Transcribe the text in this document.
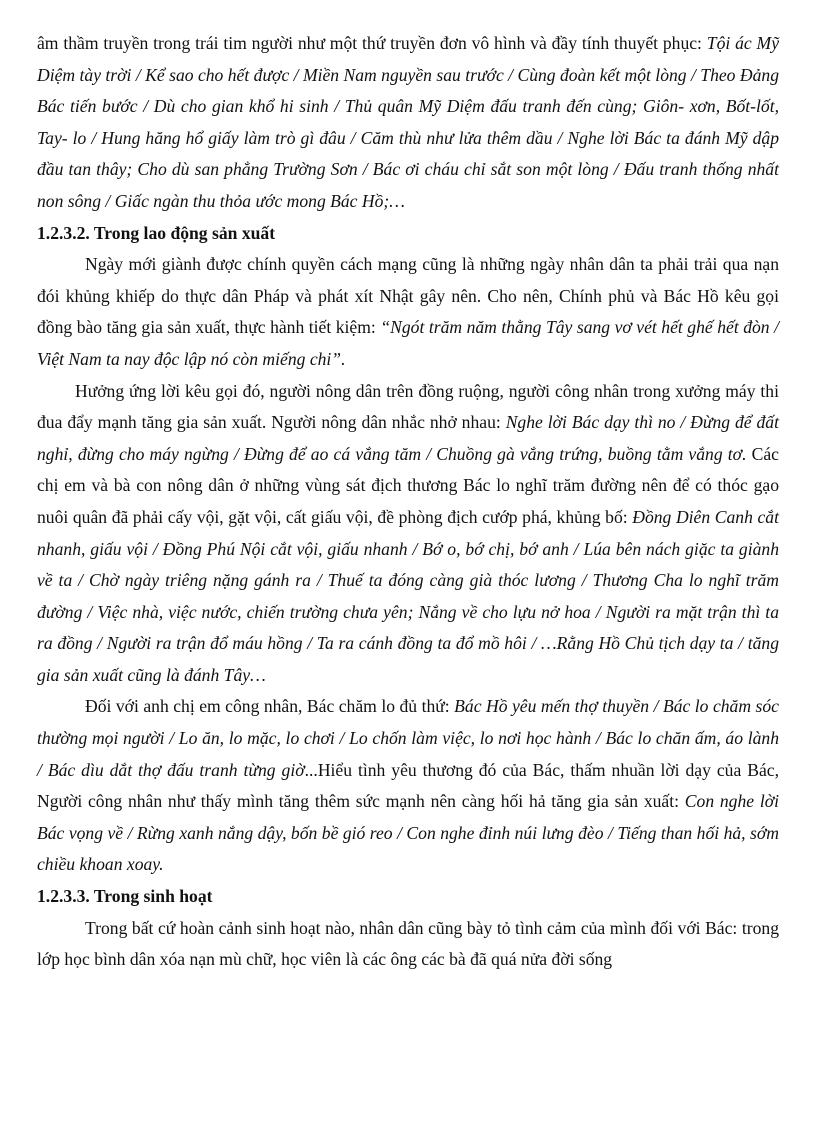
âm thầm truyền trong trái tim người như một thứ truyền đơn vô hình và đầy tính thuyết phục: Tội ác Mỹ Diệm tày trời / Kể sao cho hết được / Miền Nam nguyền sau trước / Cùng đoàn kết một lòng / Theo Đảng Bác tiến bước / Dù cho gian khổ hi sinh / Thủ quân Mỹ Diệm đấu tranh đến cùng; Giôn- xơn, Bốt-lốt, Tay- lo / Hung hăng hổ giấy làm trò gì đâu / Căm thù như lửa thêm dầu / Nghe lời Bác ta đánh Mỹ dập đầu tan thây; Cho dù san phẳng Trường Sơn / Bác ơi cháu chỉ sắt son một lòng / Đấu tranh thống nhất non sông / Giấc ngàn thu thỏa ước mong Bác Hồ;…

1.2.3.2. Trong lao động sản xuất

Ngày mới giành được chính quyền cách mạng cũng là những ngày nhân dân ta phải trải qua nạn đói khủng khiếp do thực dân Pháp và phát xít Nhật gây nên. Cho nên, Chính phủ và Bác Hồ kêu gọi đồng bào tăng gia sản xuất, thực hành tiết kiệm: “Ngót trăm năm thằng Tây sang vơ vét hết ghế hết đòn / Việt Nam ta nay độc lập nó còn miếng chi”.

Hưởng ứng lời kêu gọi đó, người nông dân trên đồng ruộng, người công nhân trong xưởng máy thi đua đẩy mạnh tăng gia sản xuất. Người nông dân nhắc nhở nhau: Nghe lời Bác dạy thì no / Đừng để đất nghỉ, đừng cho máy ngừng / Đừng để ao cá vắng tăm / Chuồng gà vắng trứng, buồng tằm vắng tơ. Các chị em và bà con nông dân ở những vùng sát địch thương Bác lo nghĩ trăm đường nên để có thóc gạo nuôi quân đã phải cấy vội, gặt vội, cất giấu vội, đề phòng địch cướp phá, khủng bố: Đồng Diên Canh cắt nhanh, giấu vội / Đồng Phú Nội cắt vội, giấu nhanh / Bớ o, bớ chị, bớ anh / Lúa bên nách giặc ta giành về ta / Chờ ngày triêng nặng gánh ra / Thuế ta đóng càng già thóc lương / Thương Cha lo nghĩ trăm đường / Việc nhà, việc nước, chiến trường chưa yên; Nắng về cho lựu nở hoa / Người ra mặt trận thì ta ra đồng / Người ra trận đổ máu hồng / Ta ra cánh đồng ta đổ mồ hôi / …Rằng Hồ Chủ tịch dạy ta / tăng gia sản xuất cũng là đánh Tây…

Đối với anh chị em công nhân, Bác chăm lo đủ thứ: Bác Hồ yêu mến thợ thuyền / Bác lo chăm sóc thường mọi người / Lo ăn, lo mặc, lo chơi / Lo chốn làm việc, lo nơi học hành / Bác lo chăn ấm, áo lành / Bác dìu dắt thợ đấu tranh từng giờ...Hiểu tình yêu thương đó của Bác, thấm nhuần lời dạy của Bác, Người công nhân như thấy mình tăng thêm sức mạnh nên càng hối hả tăng gia sản xuất: Con nghe lời Bác vọng về / Rừng xanh nắng dậy, bốn bề gió reo / Con nghe đỉnh núi lưng đèo / Tiếng than hối hả, sớm chiều khoan xoay.

1.2.3.3. Trong sinh hoạt

Trong bất cứ hoàn cảnh sinh hoạt nào, nhân dân cũng bày tỏ tình cảm của mình đối với Bác: trong lớp học bình dân xóa nạn mù chữ, học viên là các ông các bà đã quá nửa đời sống
